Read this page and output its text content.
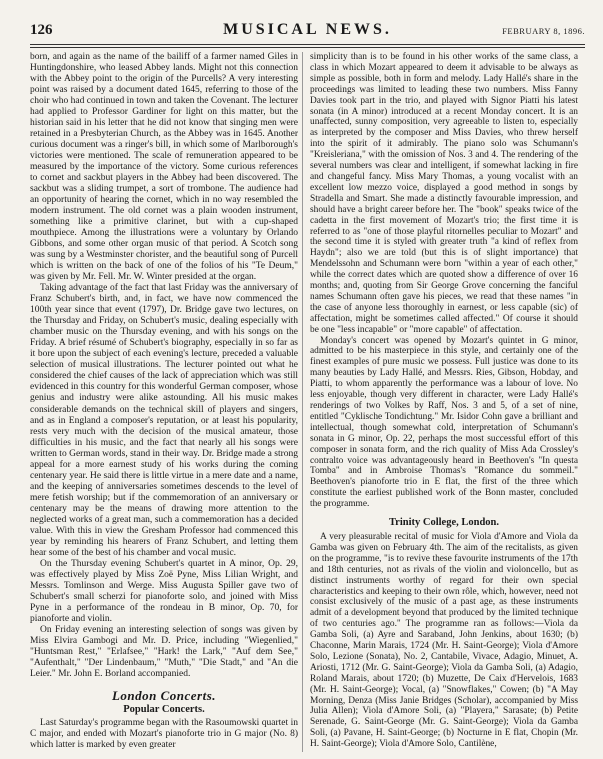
126	MUSICAL NEWS.	FEBRUARY 8, 1896.

born, and again as the name of the bailiff of a farmer named Giles in Huntingdonshire, who leased Abbey lands. Might not this connection with the Abbey point to the origin of the Purcells? A very interesting point was raised by a document dated 1645, referring to those of the choir who had continued in town and taken the Covenant. The lecturer had applied to Professor Gardiner for light on this matter, but the historian said in his letter that he did not know that singing men were retained in a Presbyterian Church, as the Abbey was in 1645. Another curious document was a ringer's bill, in which some of Marlborough's victories were mentioned. The scale of remuneration appeared to be measured by the importance of the victory. Some curious references to cornet and sackbut players in the Abbey had been discovered. The sackbut was a sliding trumpet, a sort of trombone. The audience had an opportunity of hearing the cornet, which in no way resembled the modern instrument. The old cornet was a plain wooden instrument, something like a primitive clarinet, but with a cup-shaped mouthpiece. Among the illustrations were a voluntary by Orlando Gibbons, and some other organ music of that period. A Scotch song was sung by a Westminster chorister, and the beautiful song of Purcell which is written on the back of one of the folios of his "Te Deum," was given by Mr. Fell. Mr. W. Winter presided at the organ.

Taking advantage of the fact that last Friday was the anniversary of Franz Schubert's birth, and, in fact, we have now commenced the 100th year since that event (1797), Dr. Bridge gave two lectures, on the Thursday and Friday, on Schubert's music, dealing especially with chamber music on the Thursday evening, and with his songs on the Friday. A brief résumé of Schubert's biography, especially in so far as it bore upon the subject of each evening's lecture, preceded a valuable selection of musical illustrations. The lecturer pointed out what he considered the chief causes of the lack of appreciation which was still evidenced in this country for this wonderful German composer, whose genius and industry were alike astounding. All his music makes considerable demands on the technical skill of players and singers, and as in England a composer's reputation, or at least his popularity, rests very much with the decision of the musical amateur, those difficulties in his music, and the fact that nearly all his songs were written to German words, stand in their way. Dr. Bridge made a strong appeal for a more earnest study of his works during the coming centenary year. He said there is little virtue in a mere date and a name, and the keeping of anniversaries sometimes descends to the level of mere fetish worship; but if the commemoration of an anniversary or centenary may be the means of drawing more attention to the neglected works of a great man, such a commemoration has a decided value. With this in view the Gresham Professor had commenced this year by reminding his hearers of Franz Schubert, and letting them hear some of the best of his chamber and vocal music.

On the Thursday evening Schubert's quartet in A minor, Op. 29, was effectively played by Miss Zoë Pyne, Miss Lilian Wright, and Messrs. Tomlinson and Werge. Miss Augusta Spiller gave two of Schubert's small scherzi for pianoforte solo, and joined with Miss Pyne in a performance of the rondeau in B minor, Op. 70, for pianoforte and violin.

On Friday evening an interesting selection of songs was given by Miss Elvira Gambogi and Mr. D. Price, including "Wiegenlied," "Huntsman Rest," "Erlafsee," "Hark! the Lark," "Auf dem See," "Aufenthalt," "Der Lindenbaum," "Muth," "Die Stadt," and "An die Leier." Mr. John E. Borland accompanied.

London Concerts.
Popular Concerts.

Last Saturday's programme began with the Rasoumowski quartet in C major, and ended with Mozart's pianoforte trio in G major (No. 8) which latter is marked by even greater

simplicity than is to be found in his other works of the same class, a class in which Mozart appeared to deem it advisable to be always as simple as possible, both in form and melody. Lady Hallé's share in the proceedings was limited to leading these two numbers. Miss Fanny Davies took part in the trio, and played with Signor Piatti his latest sonata (in A minor) introduced at a recent Monday concert. It is an unaffected, sunny composition, very agreeable to listen to, especially as interpreted by the composer and Miss Davies, who threw herself into the spirit of it admirably. The piano solo was Schumann's "Kreisleriana," with the omission of Nos. 3 and 4. The rendering of the several numbers was clear and intelligent, if somewhat lacking in fire and changeful fancy. Miss Mary Thomas, a young vocalist with an excellent low mezzo voice, displayed a good method in songs by Stradella and Smart. She made a distinctly favourable impression, and should have a bright career before her. The "book" speaks twice of the cadetta in the first movement of Mozart's trio; the first time it is referred to as "one of those playful ritornelles peculiar to Mozart" and the second time it is styled with greater truth "a kind of reflex from Haydn"; also we are told (but this is of slight importance) that Mendelssohn and Schumann were born "within a year of each other," while the correct dates which are quoted show a difference of over 16 months; and, quoting from Sir George Grove concerning the fanciful names Schumann often gave his pieces, we read that these names "in the case of anyone less thoroughly in earnest, or less capable (sic) of affectation, might be sometimes called affected." Of course it should be one "less incapable" or "more capable" of affectation.

Monday's concert was opened by Mozart's quintet in G minor, admitted to be his masterpiece in this style, and certainly one of the finest examples of pure music we possess. Full justice was done to its many beauties by Lady Hallé, and Messrs. Ries, Gibson, Hobday, and Piatti, to whom apparently the performance was a labour of love. No less enjoyable, though very different in character, were Lady Hallé's renderings of two Volkes by Raff, Nos. 3 and 5, of a set of nine, entitled "Cyklische Tondichtung." Mr. Isidor Cohn gave a brilliant and intellectual, though somewhat cold, interpretation of Schumann's sonata in G minor, Op. 22, perhaps the most successful effort of this composer in sonata form, and the rich quality of Miss Ada Crossley's contralto voice was advantageously heard in Beethoven's "In questa Tomba" and in Ambroise Thomas's "Romance du sommeil." Beethoven's pianoforte trio in E flat, the first of the three which constitute the earliest published work of the Bonn master, concluded the programme.

Trinity College, London.

A very pleasurable recital of music for Viola d'Amore and Viola da Gamba was given on February 4th. The aim of the recitalists, as given on the programme, "is to revive these favourite instruments of the 17th and 18th centuries, not as rivals of the violin and violoncello, but as distinct instruments worthy of regard for their own special characteristics and keeping to their own rôle, which, however, need not consist exclusively of the music of a past age, as these instruments admit of a development beyond that produced by the limited technique of two centuries ago." The programme ran as follows:—Viola da Gamba Soli, (a) Ayre and Saraband, John Jenkins, about 1630; (b) Chaconne, Marin Marais, 1724 (Mr. H. Saint-George); Viola d'Amore Solo, Lezione (Sonata), No. 2, Cantabile, Vivace, Adagio, Minuet, A. Ariosti, 1712 (Mr. G. Saint-George); Viola da Gamba Soli, (a) Adagio, Roland Marais, about 1720; (b) Muzette, De Caix d'Hervelois, 1683 (Mr. H. Saint-George); Vocal, (a) "Snowflakes," Cowen; (b) "A May Morning, Denza (Miss Janie Bridges (Scholar), accompanied by Miss Julia Allen); Viola d'Amore Soli, (a) "Playera," Sarasate; (b) Petite Serenade, G. Saint-George (Mr. G. Saint-George); Viola da Gamba Soli, (a) Pavane, H. Saint-George; (b) Nocturne in E flat, Chopin (Mr. H. Saint-George); Viola d'Amore Solo, Cantilène,
